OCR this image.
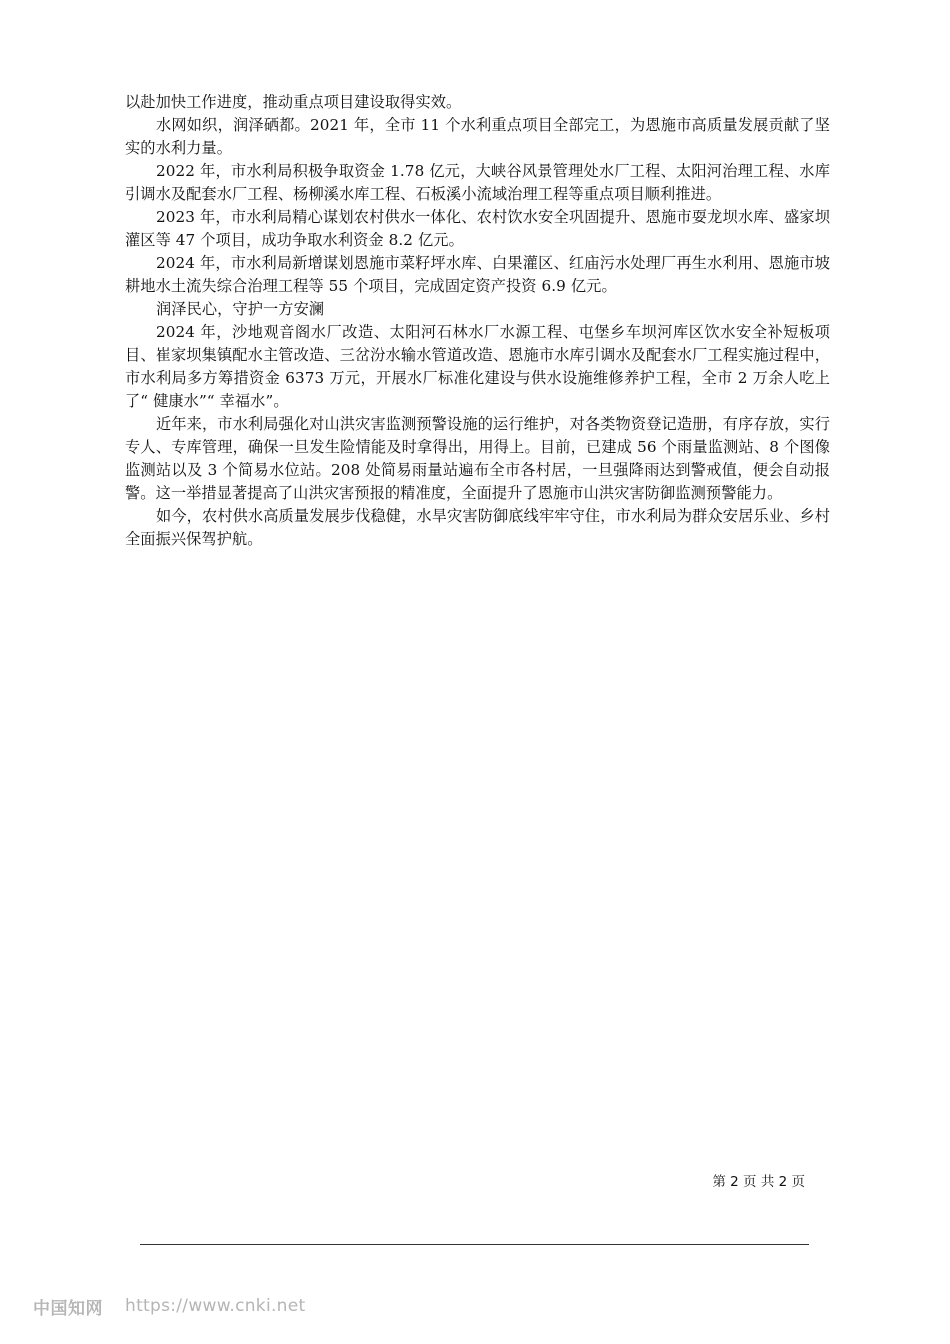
以赴加快工作进度，推动重点项目建设取得实效。

水网如织，润泽硒都。2021 年，全市 11 个水利重点项目全部完工，为恩施市高质量发展贡献了坚实的水利力量。

2022 年，市水利局积极争取资金 1.78 亿元，大峡谷风景管理处水厂工程、太阳河治理工程、水库引调水及配套水厂工程、杨柳溪水库工程、石板溪小流域治理工程等重点项目顺利推进。

2023 年，市水利局精心谋划农村供水一体化、农村饮水安全巩固提升、恩施市耍龙坝水库、盛家坝灌区等 47 个项目，成功争取水利资金 8.2 亿元。

2024 年，市水利局新增谋划恩施市菜籽坪水库、白果灌区、红庙污水处理厂再生水利用、恩施市坡耕地水土流失综合治理工程等 55 个项目，完成固定资产投资 6.9 亿元。

润泽民心，守护一方安澜

2024 年，沙地观音阁水厂改造、太阳河石林水厂水源工程、屯堡乡车坝河库区饮水安全补短板项目、崔家坝集镇配水主管改造、三岔汾水输水管道改造、恩施市水库引调水及配套水厂工程实施过程中，市水利局多方筹措资金 6373 万元，开展水厂标准化建设与供水设施维修养护工程，全市 2 万余人吃上了“ 健康水”“ 幸福水”。

近年来，市水利局强化对山洪灾害监测预警设施的运行维护，对各类物资登记造册，有序存放，实行专人、专库管理，确保一旦发生险情能及时拿得出，用得上。目前，已建成 56 个雨量监测站、8 个图像监测站以及 3 个简易水位站。208 处简易雨量站遍布全市各村居，一旦强降雨达到警戒值，便会自动报警。这一举措显著提高了山洪灾害预报的精准度，全面提升了恩施市山洪灾害防御监测预警能力。

如今，农村供水高质量发展步伐稳健，水旱灾害防御底线牢牢守住，市水利局为群众安居乐业、乡村全面振兴保驾护航。

第 2 页 共 2 页
中国知网 https://www.cnki.net
